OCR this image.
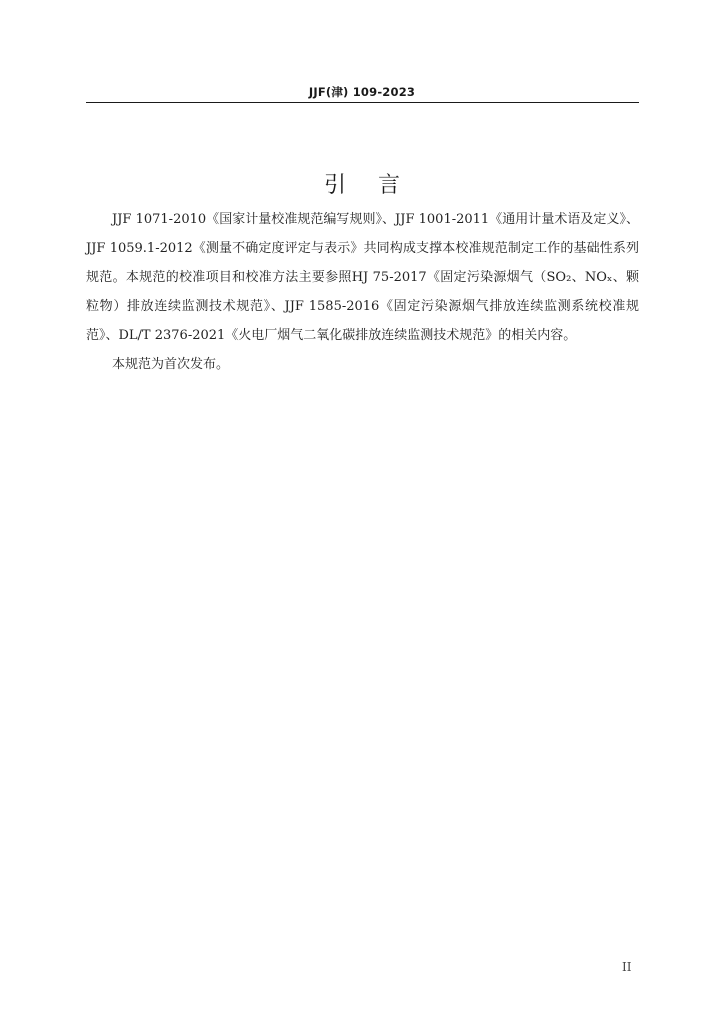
JJF(津) 109-2023
引言

JJF 1071-2010《国家计量校准规范编写规则》、JJF 1001-2011《通用计量术语及定义》、JJF 1059.1-2012《测量不确定度评定与表示》共同构成支撑本校准规范制定工作的基础性系列规范。本规范的校准项目和校准方法主要参照HJ 75-2017《固定污染源烟气（SO₂、NOₓ、颗粒物）排放连续监测技术规范》、JJF 1585-2016《固定污染源烟气排放连续监测系统校准规范》、DL/T 2376-2021《火电厂烟气二氧化碳排放连续监测技术规范》的相关内容。

本规范为首次发布。

II
